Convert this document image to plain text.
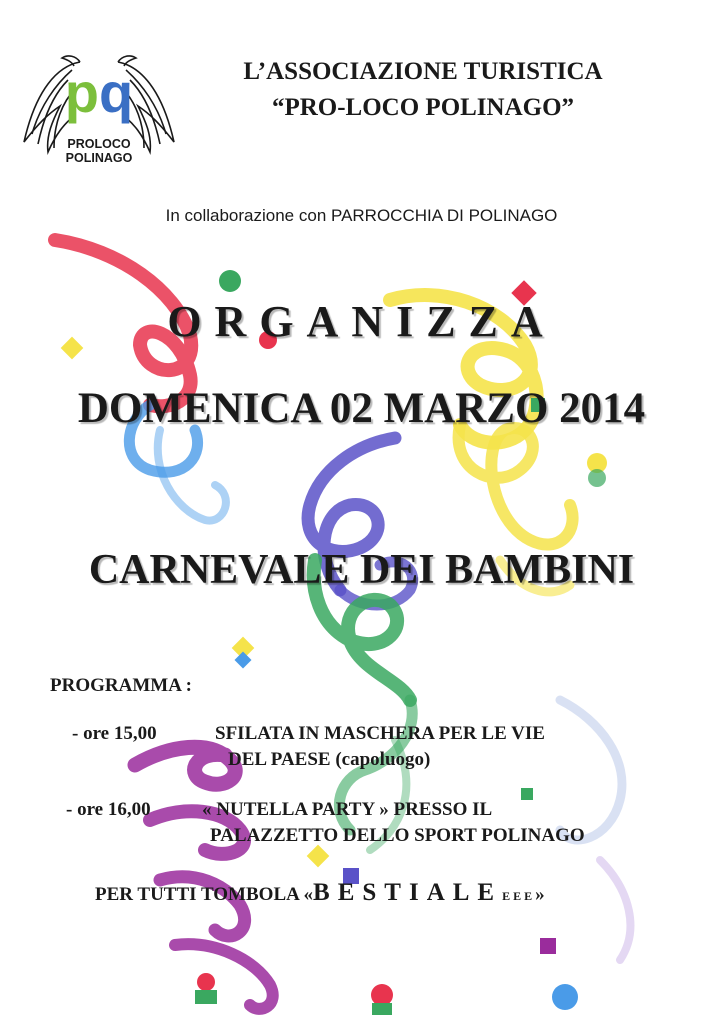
pq
PROLOCO
POLINAGO
L’ASSOCIAZIONE TURISTICA
“PRO-LOCO POLINAGO”
In collaborazione con PARROCCHIA DI POLINAGO
ORGANIZZA
DOMENICA 02 MARZO 2014
CARNEVALE DEI BAMBINI
PROGRAMMA :
- ore 15,00	SFILATA IN MASCHERA PER LE VIE
DEL PAESE (capoluogo)
- ore 16,00	« NUTELLA PARTY » PRESSO IL
PALAZZETTO DELLO SPORT POLINAGO
PER TUTTI TOMBOLA «BESTIALEEEE»
